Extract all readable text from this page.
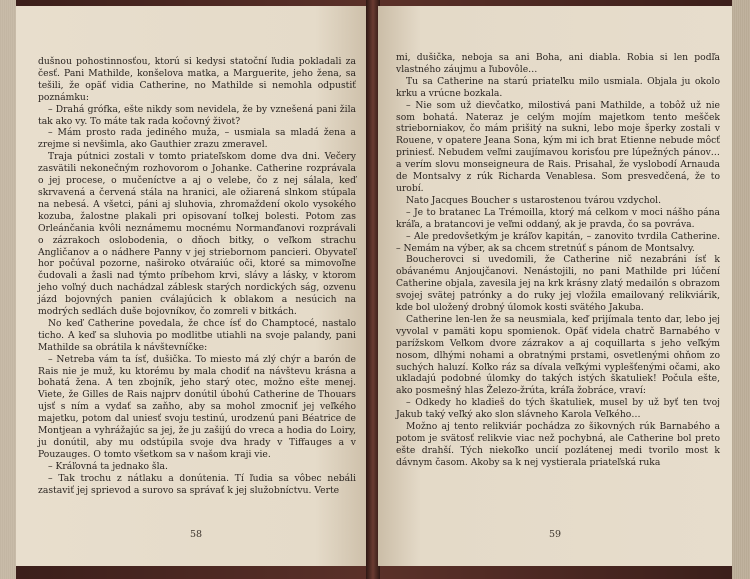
dušnou pohostinnosťou, ktorú si kedysi statoční ľudia pokladali za česť. Pani Mathilde, konšelova matka, a Marguerite, jeho žena, sa tešili, že opäť vidia Catherine, no Mathilde si nemohla odpustiť poznámku:

– Drahá grófka, ešte nikdy som nevidela, že by vznešená pani žila tak ako vy. To máte tak rada kočovný život?

– Mám prosto rada jediného muža, – usmiala sa mladá žena a zrejme si nevšimla, ako Gauthier zrazu zmeravel.

Traja pútnici zostali v tomto priateľskom dome dva dni. Večery zasvätili nekonečným rozhovorom o Johanke. Catherine rozprávala o jej procese, o mučeníctve a aj o velebe, čo z nej sálala, keď skrvavená a červená stála na hranici, ale ožiarená slnkom stúpala na nebesá. A všetci, páni aj sluhovia, zhromaždení okolo vysokého kozuba, žalostne plakali pri opisovaní toľkej bolesti. Potom zas Orleánčania kvôli neznámemu mocnému Normanďanovi rozprávali o zázrakoch oslobodenia, o dňoch bitky, o veľkom strachu Angličanov a o nádhere Panny v jej striebornom pancieri. Obyvateľ hor počúval pozorne, naširoko otváraiúc oči, ktoré sa mimovoľne čudovali a žasli nad týmto príbehom krvi, slávy a lásky, v ktorom jeho voľný duch nachádzal záblesk starých nordických ság, ozvenu jázd bojovných panien cválajúcich k oblakom a nesúcich na modrých sedlách duše bojovníkov, čo zomreli v bitkách.

No keď Catherine povedala, že chce ísť do Champtocé, nastalo ticho. A keď sa sluhovia po modlitbe utiahli na svoje palandy, pani Mathilde sa obrátila k návštevníčke:

– Netreba vám ta ísť, dušička. To miesto má zlý chýr a barón de Rais nie je muž, ku ktorému by mala chodiť na návštevu krásna a bohatá žena. A ten zbojník, jeho starý otec, možno ešte menej. Viete, že Gilles de Rais najprv donútil úbohú Catherine de Thouars ujsť s ním a vydať sa zaňho, aby sa mohol zmocniť jej veľkého majetku, potom dal uniesť svoju testinú, urodzenú pani Béatrice de Montjean a vyhrážajúc sa jej, že ju zašijú do vreca a hodia do Loiry, ju donútil, aby mu odstúpila svoje dva hrady v Tiffauges a v Pouzauges. O tomto všetkom sa v našom kraji vie.

– Kráľovná ta jednako šla.

– Tak trochu z nátlaku a donútenia. Tí ľudia sa vôbec nebáli zastaviť jej sprievod a surovo sa správať k jej služobníctvu. Verte

58

mi, dušička, neboja sa ani Boha, ani diabla. Robia si len podľa vlastného záujmu a ľubovôle…

Tu sa Catherine na starú priateľku milo usmiala. Objala ju okolo krku a vrúcne bozkala.

– Nie som už dievčatko, milostivá pani Mathilde, a tobôž už nie som bohatá. Nateraz je celým mojím majetkom tento mešček strieborniakov, čo mám prišitý na sukni, lebo moje šperky zostali v Rouene, v opatere Jeana Sona, kým mi ich brat Etienne nebude môcť priniesť. Nebudem veľmi zaujímavou korisťou pre lúpežných pánov… a verím slovu monseigneura de Rais. Prisahal, že vyslobodí Arnauda de Montsalvy z rúk Richarda Venablesa. Som presvedčená, že to urobí.

Nato Jacques Boucher s ustarostenou tvárou vzdychol.

– Je to bratanec La Trémoilla, ktorý má celkom v moci nášho pána kráľa, a bratancovi je veľmi oddaný, ak je pravda, čo sa povráva.

– Ale predovšetkým je kráľov kapitán, – zanovito tvrdila Catherine. – Nemám na výber, ak sa chcem stretnúť s pánom de Montsalvy.

Boucherovci si uvedomili, že Catherine nič nezabráni ísť k obávanému Anjoujčanovi. Nenástojili, no pani Mathilde pri lúčení Catherine objala, zavesila jej na krk krásny zlatý medailón s obrazom svojej svätej patrónky a do ruky jej vložila emailovaný relikviárik, kde bol uložený drobný úlomok kosti svätého Jakuba.

Catherine len-len že sa neusmiala, keď prijímala tento dar, lebo jej vyvolal v pamäti kopu spomienok. Opäť videla chatrč Barnabého v parížskom Veľkom dvore zázrakov a aj coquillarta s jeho veľkým nosom, dlhými nohami a obratnými prstami, osvetlenými ohňom zo suchých haluzí. Koľko ráz sa dívala veľkými vyplešťenými očami, ako ukladajú podobné úlomky do takých istých škatuliek! Počula ešte, ako posmešný hlas Železo-žrúta, kráľa žobráce, vraví:

– Odkedy ho kladieš do tých škatuliek, musel by už byť ten tvoj Jakub taký veľký ako slon slávneho Karola Veľkého…

Možno aj tento relikviár pochádza zo šikovných rúk Barnabého a potom je svätosť relikvie viac než pochybná, ale Catherine bol preto ešte drahší. Tých niekoľko uncií pozlátenej medi tvorilo most k dávnym časom. Akoby sa k nej vystierala priateľská ruka

59
